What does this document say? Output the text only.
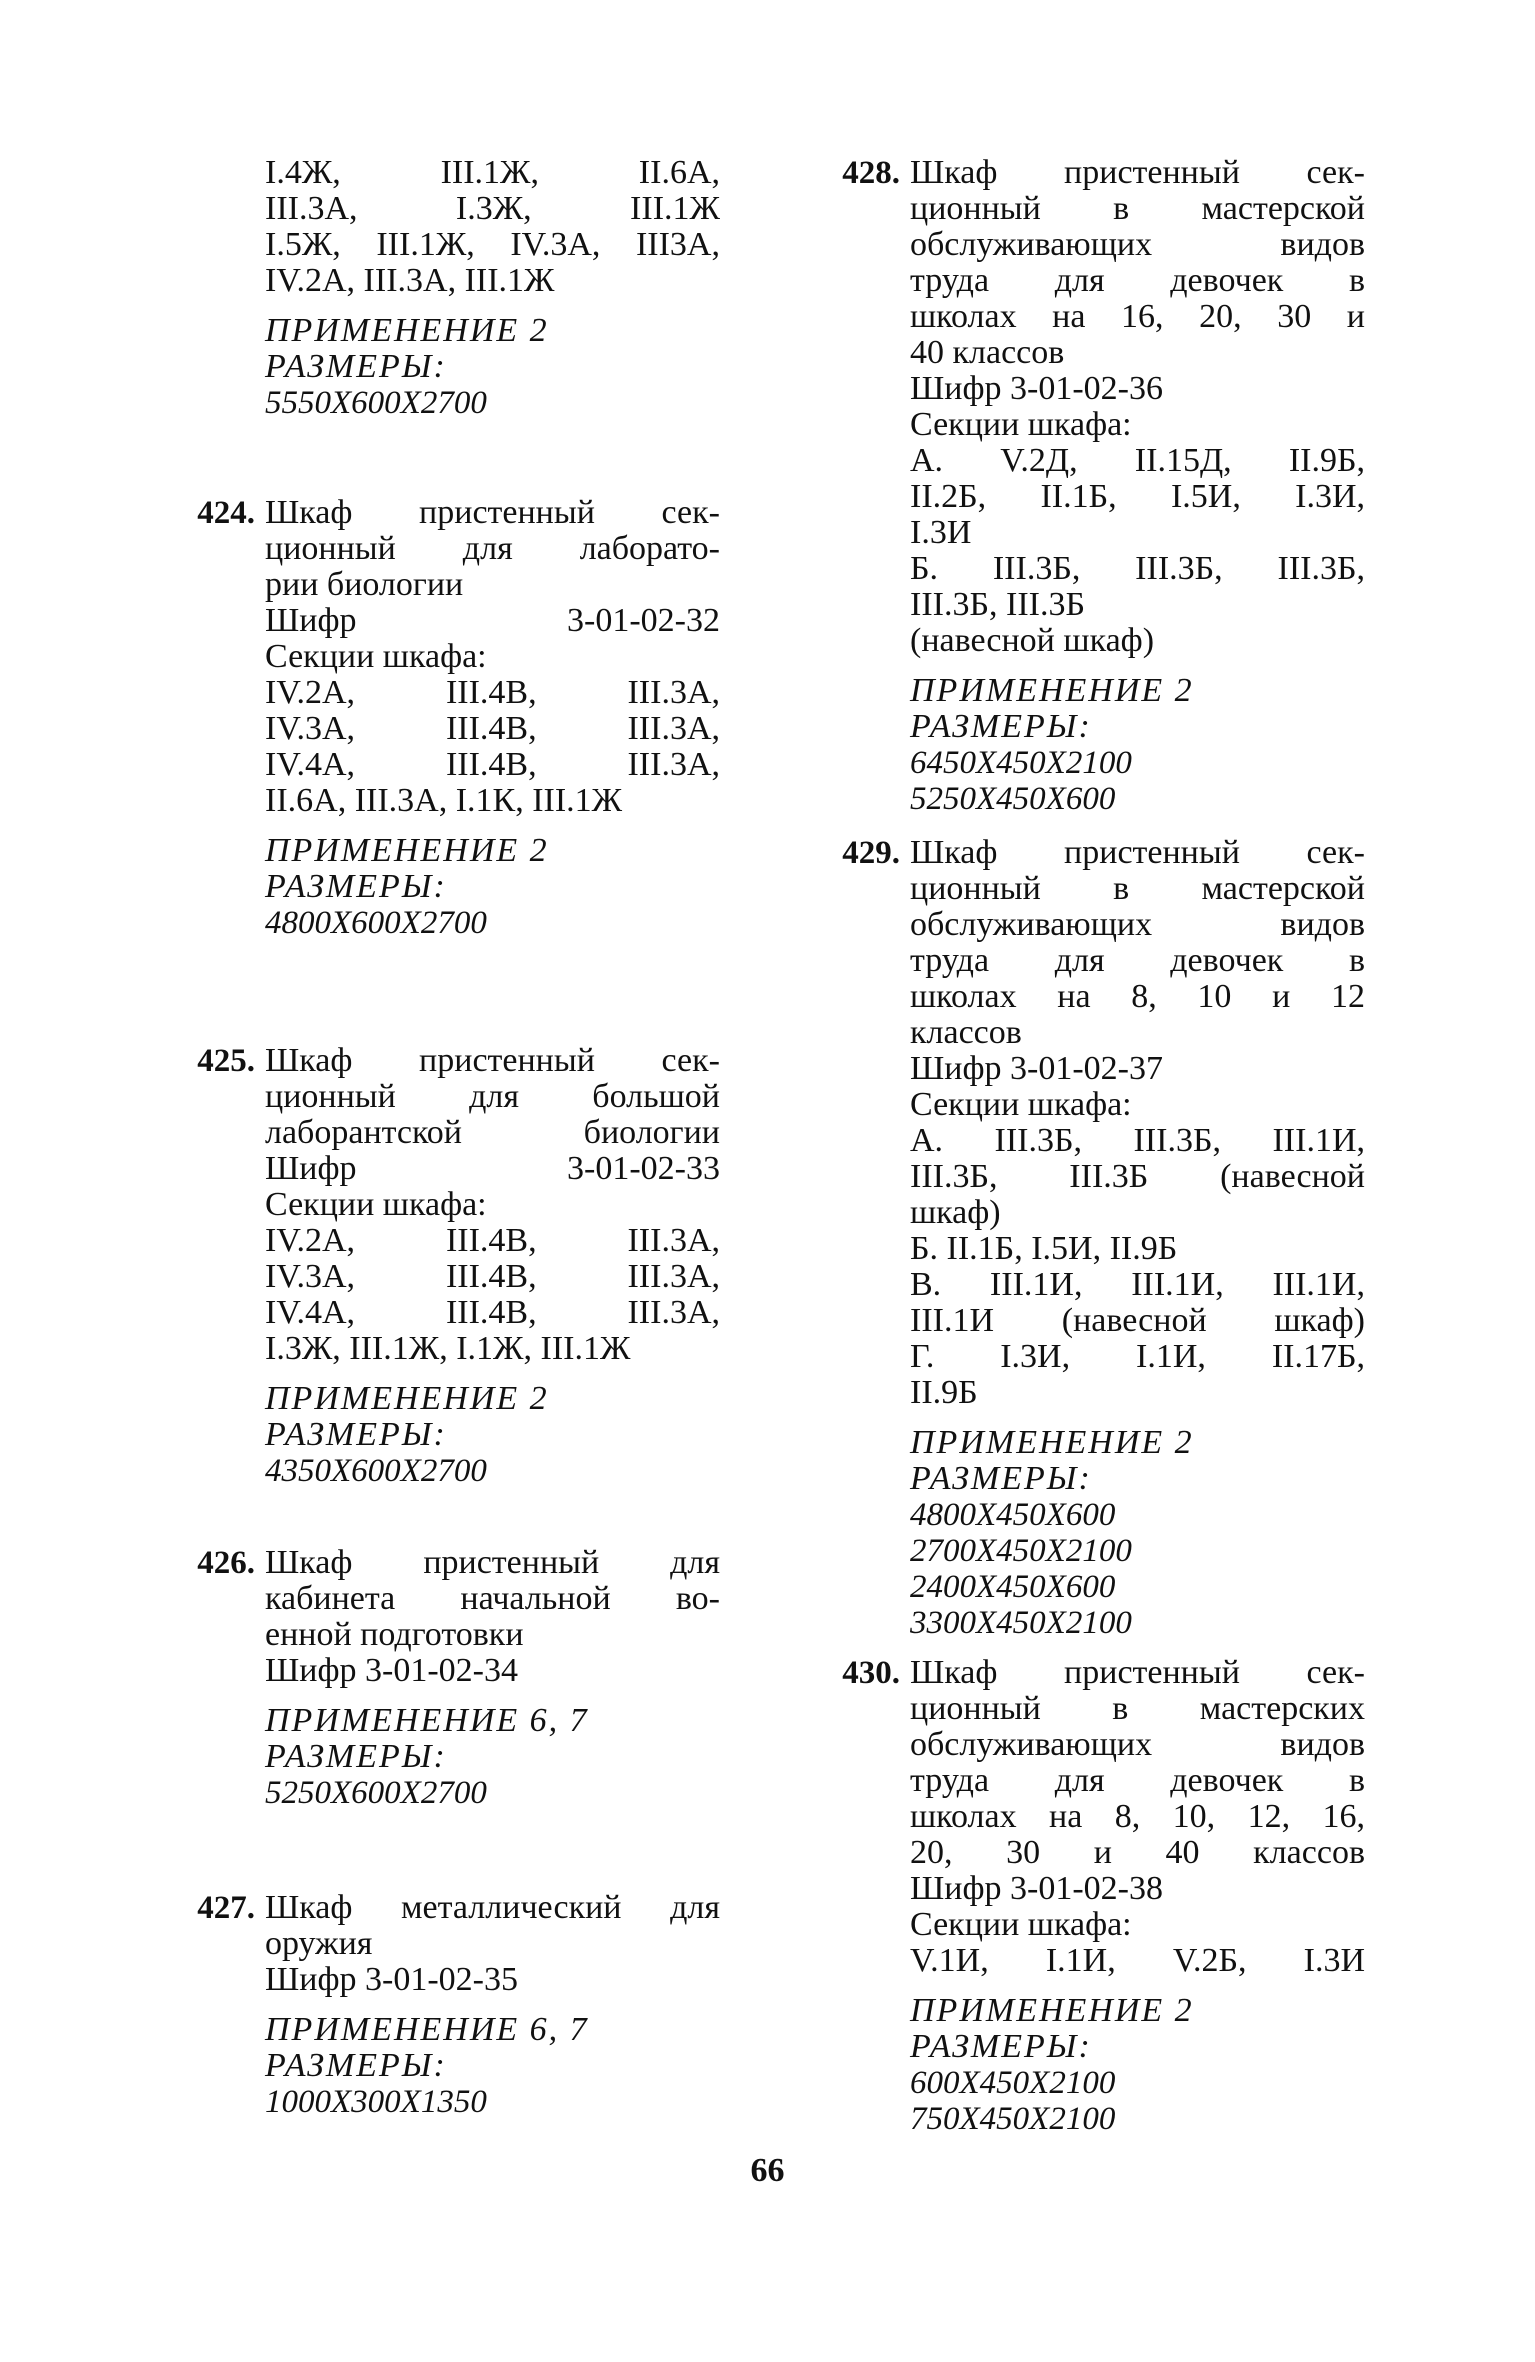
I.4Ж, III.1Ж, II.6А,
III.3А, I.3Ж, III.1Ж
I.5Ж, III.1Ж, IV.3А, III3А,
IV.2А, III.3А, III.1Ж
ПРИМЕНЕНИЕ 2
РАЗМЕРЫ:
5550X600X2700
424. Шкаф пристенный сек-
ционный для лаборато-
рии биологии
Шифр 3-01-02-32
Секции шкафа:
IV.2А, III.4В, III.3А,
IV.3А, III.4В, III.3А,
IV.4А, III.4В, III.3А,
II.6А, III.3А, I.1К, III.1Ж
ПРИМЕНЕНИЕ 2
РАЗМЕРЫ:
4800X600X2700
425. Шкаф пристенный сек-
ционный для большой
лаборантской биологии
Шифр 3-01-02-33
Секции шкафа:
IV.2А, III.4В, III.3А,
IV.3А, III.4В, III.3А,
IV.4А, III.4В, III.3А,
I.3Ж, III.1Ж, I.1Ж, III.1Ж
ПРИМЕНЕНИЕ 2
РАЗМЕРЫ:
4350X600X2700
426. Шкаф пристенный для
кабинета начальной во-
енной подготовки
Шифр 3-01-02-34
ПРИМЕНЕНИЕ 6, 7
РАЗМЕРЫ:
5250X600X2700
427. Шкаф металлический для
оружия
Шифр 3-01-02-35
ПРИМЕНЕНИЕ 6, 7
РАЗМЕРЫ:
1000X300X1350
428. Шкаф пристенный сек-
ционный в мастерской
обслуживающих видов
труда для девочек в
школах на 16, 20, 30 и
40 классов
Шифр 3-01-02-36
Секции шкафа:
А. V.2Д, II.15Д, II.9Б,
II.2Б, II.1Б, I.5И, I.3И,
I.3И
Б. III.3Б, III.3Б, III.3Б,
III.3Б, III.3Б
(навесной шкаф)
ПРИМЕНЕНИЕ 2
РАЗМЕРЫ:
6450X450X2100
5250X450X600
429. Шкаф пристенный сек-
ционный в мастерской
обслуживающих видов
труда для девочек в
школах на 8, 10 и 12
классов
Шифр 3-01-02-37
Секции шкафа:
А. III.3Б, III.3Б, III.1И,
III.3Б, III.3Б (навесной
шкаф)
Б. II.1Б, I.5И, II.9Б
В. III.1И, III.1И, III.1И,
III.1И (навесной шкаф)
Г. I.3И, I.1И, II.17Б,
II.9Б
ПРИМЕНЕНИЕ 2
РАЗМЕРЫ:
4800X450X600
2700X450X2100
2400X450X600
3300X450X2100
430. Шкаф пристенный сек-
ционный в мастерских
обслуживающих видов
труда для девочек в
школах на 8, 10, 12, 16,
20, 30 и 40 классов
Шифр 3-01-02-38
Секции шкафа:
V.1И, I.1И, V.2Б, I.3И
ПРИМЕНЕНИЕ 2
РАЗМЕРЫ:
600X450X2100
750X450X2100
66
